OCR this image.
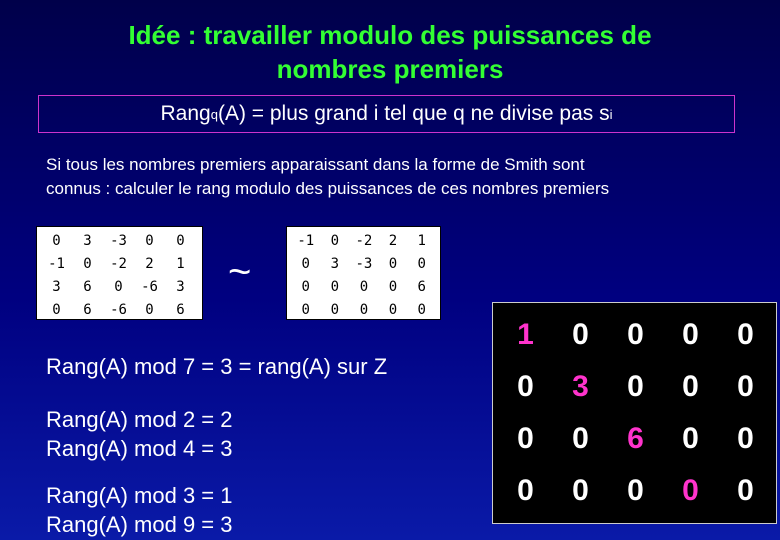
Idée : travailler modulo des puissances de
nombres premiers
Rang q (A) = plus grand i tel que q ne divise pas s i
Si tous les nombres premiers apparaissant dans la forme de Smith sont
connus : calculer le rang modulo des puissances de ces nombres premiers
0	3	-3	0	0
-1	0	-2	2	1
3	6	0	-6	3
0	6	-6	0	6
~
-1	0	-2	2	1
0	3	-3	0	0
0	0	0	0	6
0	0	0	0	0
Rang(A) mod 7 = 3 = rang(A) sur Z
Rang(A) mod 2 = 2
Rang(A) mod 4 = 3
Rang(A) mod 3 = 1
Rang(A) mod 9 = 3
1	0	0	0	0
0	3	0	0	0
0	0	6	0	0
0	0	0	0	0
